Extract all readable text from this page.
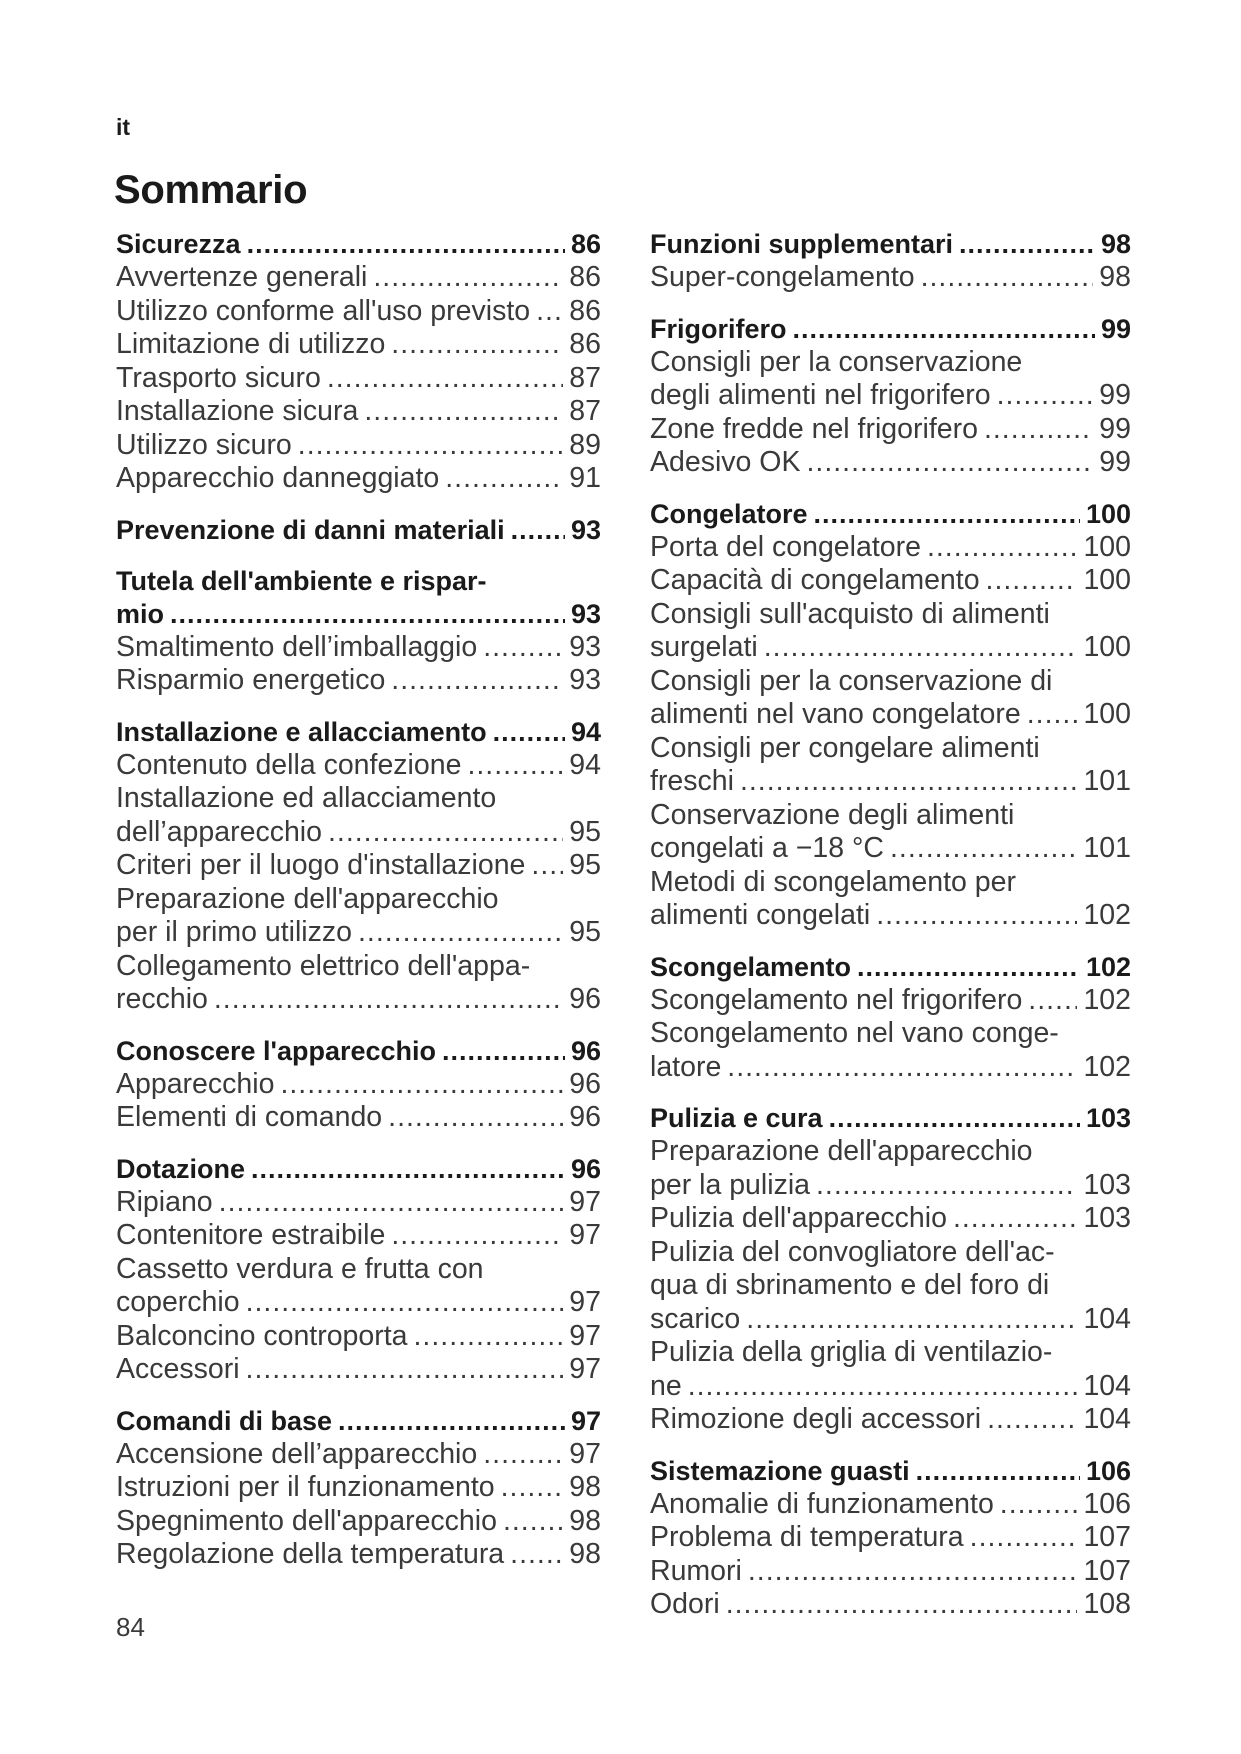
it
Sommario
Sicurezza .....	86
Avvertenze generali .....	86
Utilizzo conforme all'uso previsto ..... 86
Limitazione di utilizzo .....	86
Trasporto sicuro .....	87
Installazione sicura .....	87
Utilizzo sicuro .....	89
Apparecchio danneggiato .....	91
Prevenzione di danni materiali ..... 93
Tutela dell'ambiente e rispar-
mio .....	93
Smaltimento dell’imballaggio .....	93
Risparmio energetico .....	93
Installazione e allacciamento .....	94
Contenuto della confezione .....	94
Installazione ed allacciamento
dell’apparecchio .....	95
Criteri per il luogo d'installazione ..... 95
Preparazione dell'apparecchio
per il primo utilizzo .....	95
Collegamento elettrico dell'appa-
recchio .....	96
Conoscere l'apparecchio .....	96
Apparecchio .....	96
Elementi di comando .....	96
Dotazione .....	96
Ripiano .....	97
Contenitore estraibile .....	97
Cassetto verdura e frutta con
coperchio .....	97
Balconcino controporta .....	97
Accessori .....	97
Comandi di base .....	97
Accensione dell’apparecchio .....	97
Istruzioni per il funzionamento .....	98
Spegnimento dell'apparecchio .....	98
Regolazione della temperatura ..... 98
Funzioni supplementari .....	98
Super-congelamento .....	98
Frigorifero .....	99
Consigli per la conservazione
degli alimenti nel frigorifero .....	99
Zone fredde nel frigorifero .....	99
Adesivo OK .....	99
Congelatore .....	100
Porta del congelatore .....	100
Capacità di congelamento .....	100
Consigli sull'acquisto di alimenti
surgelati .....	100
Consigli per la conservazione di
alimenti nel vano congelatore ..... 100
Consigli per congelare alimenti
freschi .....	101
Conservazione degli alimenti
congelati a −18 °C .....	101
Metodi di scongelamento per
alimenti congelati .....	102
Scongelamento .....	102
Scongelamento nel frigorifero ..... 102
Scongelamento nel vano conge-
latore .....	102
Pulizia e cura .....	103
Preparazione dell'apparecchio
per la pulizia .....	103
Pulizia dell'apparecchio .....	103
Pulizia del convogliatore dell'ac-
qua di sbrinamento e del foro di
scarico .....	104
Pulizia della griglia di ventilazio-
ne .....	104
Rimozione degli accessori .....	104
Sistemazione guasti .....	106
Anomalie di funzionamento .....	106
Problema di temperatura .....	107
Rumori .....	107
Odori .....	108
84
